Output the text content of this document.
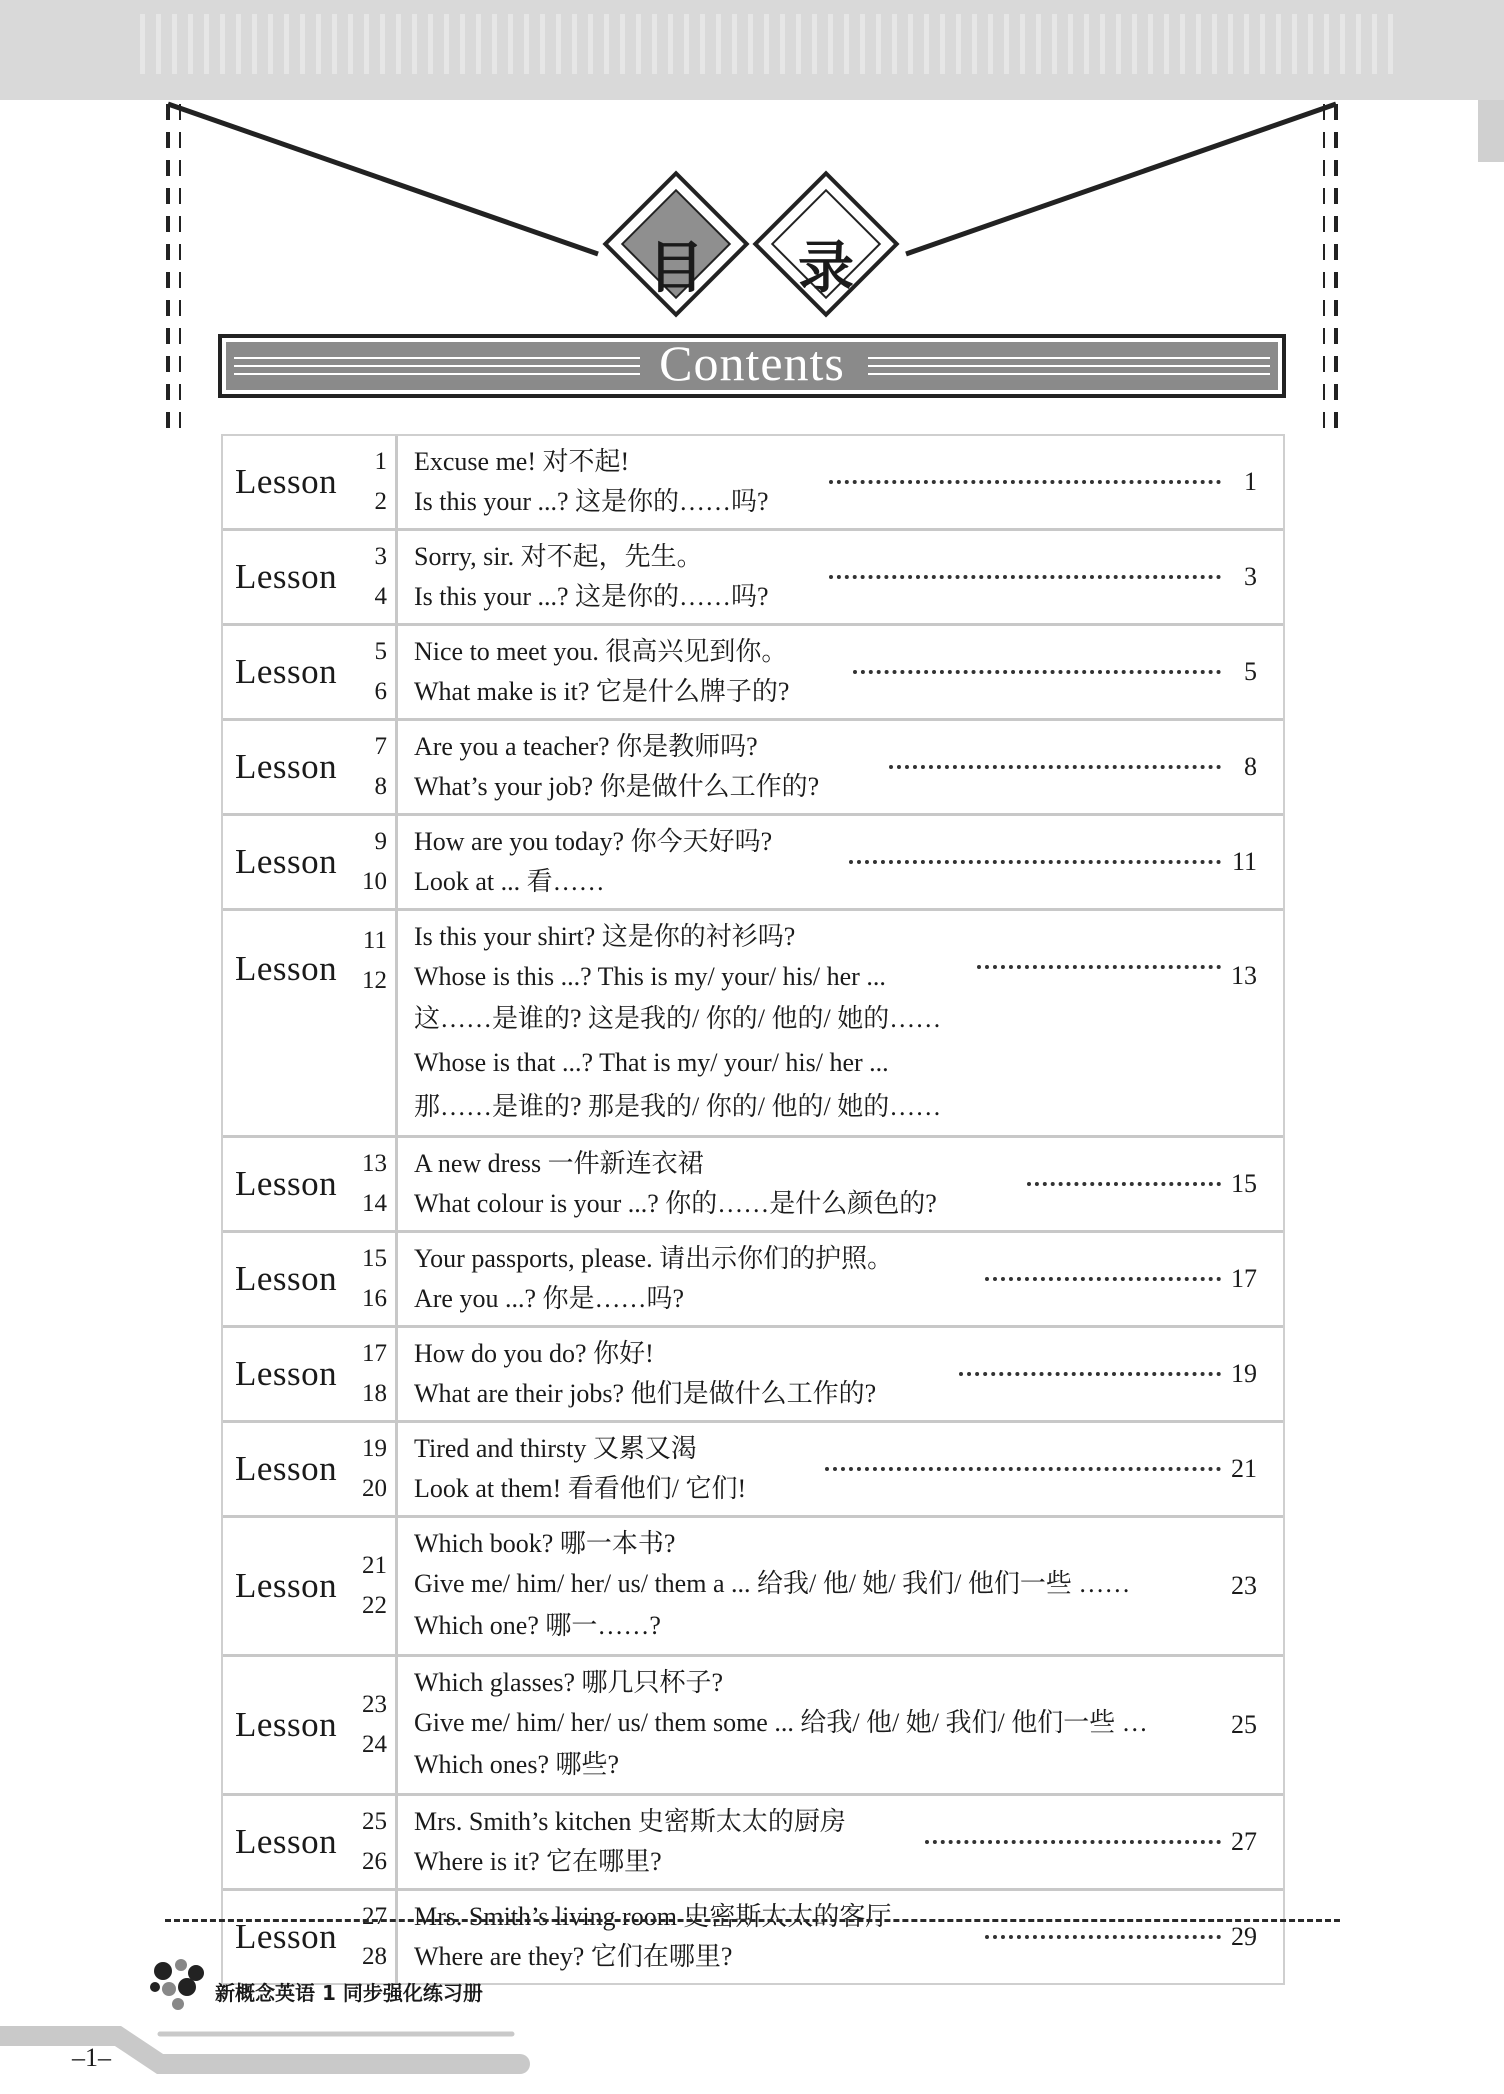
目	录
Contents
Lesson
1
2
Excuse me! 对不起!
Is this your ...? 这是你的……吗?
1
Lesson
3
4
Sorry, sir. 对不起，先生。
Is this your ...? 这是你的……吗?
3
Lesson
5
6
Nice to meet you. 很高兴见到你。
What make is it? 它是什么牌子的?
5
Lesson
7
8
Are you a teacher? 你是教师吗?
What’s your job? 你是做什么工作的?
8
Lesson
9
10
How are you today? 你今天好吗?
Look at ... 看……
11
Lesson
11
12
Is this your shirt? 这是你的衬衫吗?
Whose is this ...? This is my/ your/ his/ her ...
这……是谁的? 这是我的/ 你的/ 他的/ 她的……
Whose is that ...? That is my/ your/ his/ her ...
那……是谁的? 那是我的/ 你的/ 他的/ 她的……
13
Lesson
13
14
A new dress 一件新连衣裙
What colour is your ...? 你的……是什么颜色的?
15
Lesson
15
16
Your passports, please. 请出示你们的护照。
Are you ...? 你是……吗?
17
Lesson
17
18
How do you do? 你好!
What are their jobs? 他们是做什么工作的?
19
Lesson
19
20
Tired and thirsty 又累又渴
Look at them! 看看他们/ 它们!
21
Lesson
21
22
Which book? 哪一本书?
Give me/ him/ her/ us/ them a ... 给我/ 他/ 她/ 我们/ 他们一些 ……
Which one? 哪一……?
23
Lesson
23
24
Which glasses? 哪几只杯子?
Give me/ him/ her/ us/ them some ... 给我/ 他/ 她/ 我们/ 他们一些 …
Which ones? 哪些?
25
Lesson
25
26
Mrs. Smith’s kitchen 史密斯太太的厨房
Where is it? 它在哪里?
27
Lesson
27
28
Mrs. Smith’s living room 史密斯太太的客厅
Where are they? 它们在哪里?
29
新概念英语 1 同步强化练习册
–1–
